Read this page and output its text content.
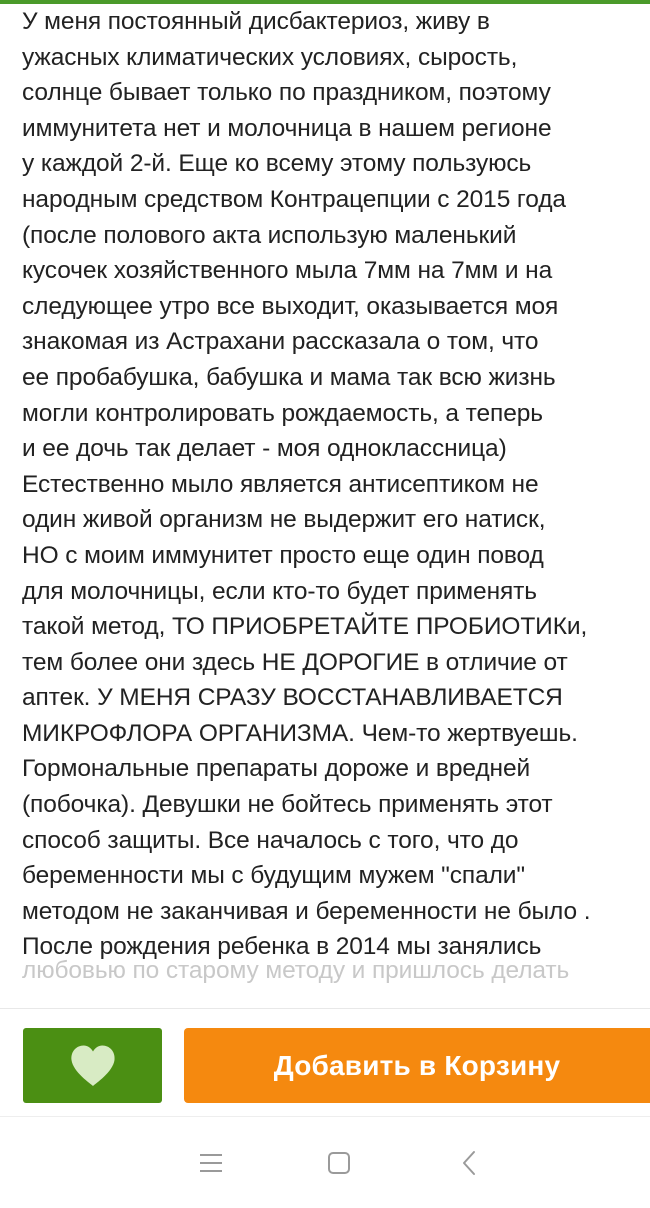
У меня постоянный дисбактериоз, живу в
ужасных климатических условиях, сырость,
солнце бывает только по праздником, поэтому
иммунитета нет и молочница в нашем регионе
у каждой 2-й. Еще ко всему этому пользуюсь
народным средством Контрацепции с 2015 года
(после полового акта использую маленький
кусочек хозяйственного мыла 7мм на 7мм и на
следующее утро все выходит, оказывается моя
знакомая из Астрахани рассказала о том, что
ее пробабушка, бабушка и мама так всю жизнь
могли контролировать рождаемость, а теперь
и ее дочь так делает - моя одноклассница)
Естественно мыло является антисептиком не
один живой организм не выдержит его натиск,
НО с моим иммунитет просто еще один повод
для молочницы, если кто-то будет применять
такой метод, ТО ПРИОБРЕТАЙТЕ ПРОБИОТИКи,
тем более они здесь НЕ ДОРОГИЕ в отличие от
аптек. У МЕНЯ СРАЗУ ВОССТАНАВЛИВАЕТСЯ
МИКРОФЛОРА ОРГАНИЗМА. Чем-то жертвуешь.
Гормональные препараты дороже и вредней
(побочка). Девушки не бойтесь применять этот
способ защиты. Все началось с того, что до
беременности мы с будущим мужем "спали"
методом не заканчивая и беременности не было .
После рождения ребенка в 2014 мы занялись
любовью по старому методу и пришлось делать
Добавить в Корзину
